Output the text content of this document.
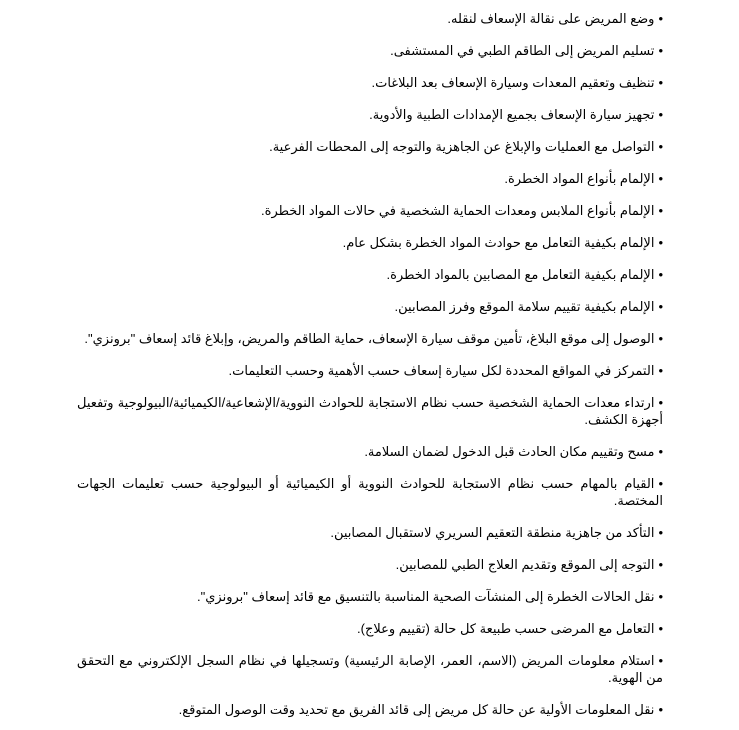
•وضع المريض على نقالة الإسعاف لنقله.
•تسليم المريض إلى الطاقم الطبي في المستشفى.
•تنظيف وتعقيم المعدات وسيارة الإسعاف بعد البلاغات.
•تجهيز سيارة الإسعاف بجميع الإمدادات الطبية والأدوية.
•التواصل مع العمليات والإبلاغ عن الجاهزية والتوجه إلى المحطات الفرعية.
•الإلمام بأنواع المواد الخطرة.
•الإلمام بأنواع الملابس ومعدات الحماية الشخصية في حالات المواد الخطرة.
•الإلمام بكيفية التعامل مع حوادث المواد الخطرة بشكل عام.
•الإلمام بكيفية التعامل مع المصابين بالمواد الخطرة.
•الإلمام بكيفية تقييم سلامة الموقع وفرز المصابين.
•الوصول إلى موقع البلاغ، تأمين موقف سيارة الإسعاف، حماية الطاقم والمريض، وإبلاغ قائد إسعاف "برونزي".
•التمركز في المواقع المحددة لكل سيارة إسعاف حسب الأهمية وحسب التعليمات.
•ارتداء معدات الحماية الشخصية حسب نظام الاستجابة للحوادث النووية/الإشعاعية/الكيميائية/البيولوجية وتفعيل أجهزة الكشف.
•مسح وتقييم مكان الحادث قبل الدخول لضمان السلامة.
•القيام بالمهام حسب نظام الاستجابة للحوادث النووية أو الكيميائية أو البيولوجية حسب تعليمات الجهات المختصة.
•التأكد من جاهزية منطقة التعقيم السريري لاستقبال المصابين.
•التوجه إلى الموقع وتقديم العلاج الطبي للمصابين.
•نقل الحالات الخطرة إلى المنشآت الصحية المناسبة بالتنسيق مع قائد إسعاف "برونزي".
•التعامل مع المرضى حسب طبيعة كل حالة (تقييم وعلاج).
•استلام معلومات المريض (الاسم، العمر، الإصابة الرئيسية) وتسجيلها في نظام السجل الإلكتروني مع التحقق من الهوية.
•نقل المعلومات الأولية عن حالة كل مريض إلى قائد الفريق مع تحديد وقت الوصول المتوقع.
